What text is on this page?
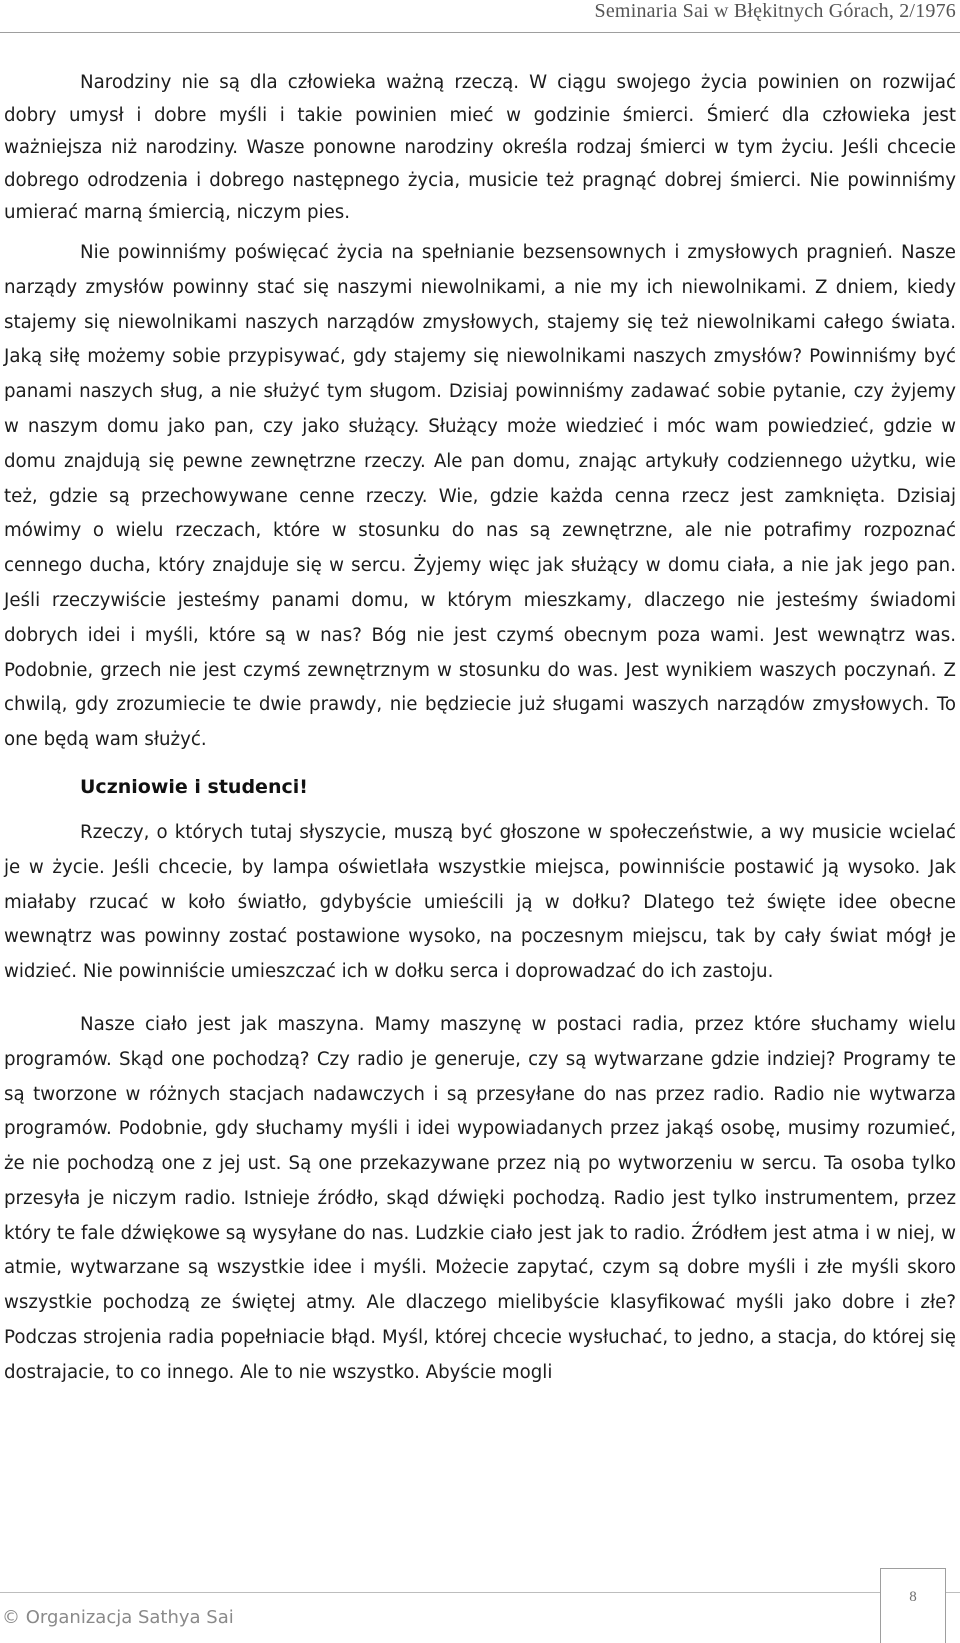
Seminaria Sai w Błękitnych Górach, 2/1976

Narodziny nie są dla człowieka ważną rzeczą. W ciągu swojego życia powinien on rozwijać dobry umysł i dobre myśli i takie powinien mieć w godzinie śmierci. Śmierć dla człowieka jest ważniejsza niż narodziny. Wasze ponowne narodziny określa rodzaj śmierci w tym życiu. Jeśli chcecie dobrego odrodzenia i dobrego następnego życia, musicie też pragnąć dobrej śmierci. Nie powinniśmy umierać marną śmiercią, niczym pies.

Nie powinniśmy poświęcać życia na spełnianie bezsensownych i zmysłowych pragnień. Nasze narządy zmysłów powinny stać się naszymi niewolnikami, a nie my ich niewolnikami. Z dniem, kiedy stajemy się niewolnikami naszych narządów zmysłowych, stajemy się też niewolnikami całego świata. Jaką siłę możemy sobie przypisywać, gdy stajemy się niewolnikami naszych zmysłów? Powinniśmy być panami naszych sług, a nie służyć tym sługom. Dzisiaj powinniśmy zadawać sobie pytanie, czy żyjemy w naszym domu jako pan, czy jako służący. Służący może wiedzieć i móc wam powiedzieć, gdzie w domu znajdują się pewne zewnętrzne rzeczy. Ale pan domu, znając artykuły codziennego użytku, wie też, gdzie są przechowywane cenne rzeczy. Wie, gdzie każda cenna rzecz jest zamknięta. Dzisiaj mówimy o wielu rzeczach, które w stosunku do nas są zewnętrzne, ale nie potrafimy rozpoznać cennego ducha, który znajduje się w sercu. Żyjemy więc jak służący w domu ciała, a nie jak jego pan. Jeśli rzeczywiście jesteśmy panami domu, w którym mieszkamy, dlaczego nie jesteśmy świadomi dobrych idei i myśli, które są w nas? Bóg nie jest czymś obecnym poza wami. Jest wewnątrz was. Podobnie, grzech nie jest czymś zewnętrznym w stosunku do was. Jest wynikiem waszych poczynań. Z chwilą, gdy zrozumiecie te dwie prawdy, nie będziecie już sługami waszych narządów zmysłowych. To one będą wam służyć.

Uczniowie i studenci!

Rzeczy, o których tutaj słyszycie, muszą być głoszone w społeczeństwie, a wy musicie wcielać je w życie. Jeśli chcecie, by lampa oświetlała wszystkie miejsca, powinniście postawić ją wysoko. Jak miałaby rzucać w koło światło, gdybyście umieścili ją w dołku? Dlatego też święte idee obecne wewnątrz was powinny zostać postawione wysoko, na poczesnym miejscu, tak by cały świat mógł je widzieć. Nie powinniście umieszczać ich w dołku serca i doprowadzać do ich zastoju.

Nasze ciało jest jak maszyna. Mamy maszynę w postaci radia, przez które słuchamy wielu programów. Skąd one pochodzą? Czy radio je generuje, czy są wytwarzane gdzie indziej? Programy te są tworzone w różnych stacjach nadawczych i są przesyłane do nas przez radio. Radio nie wytwarza programów. Podobnie, gdy słuchamy myśli i idei wypowiadanych przez jakąś osobę, musimy rozumieć, że nie pochodzą one z jej ust. Są one przekazywane przez nią po wytworzeniu w sercu. Ta osoba tylko przesyła je niczym radio. Istnieje źródło, skąd dźwięki pochodzą. Radio jest tylko instrumentem, przez który te fale dźwiękowe są wysyłane do nas. Ludzkie ciało jest jak to radio. Źródłem jest atma i w niej, w atmie, wytwarzane są wszystkie idee i myśli. Możecie zapytać, czym są dobre myśli i złe myśli skoro wszystkie pochodzą ze świętej atmy. Ale dlaczego mielibyście klasyfikować myśli jako dobre i złe? Podczas strojenia radia popełniacie błąd. Myśl, której chcecie wysłuchać, to jedno, a stacja, do której się dostrajacie, to co innego. Ale to nie wszystko. Abyście mogli

© Organizacja Sathya Sai
8
